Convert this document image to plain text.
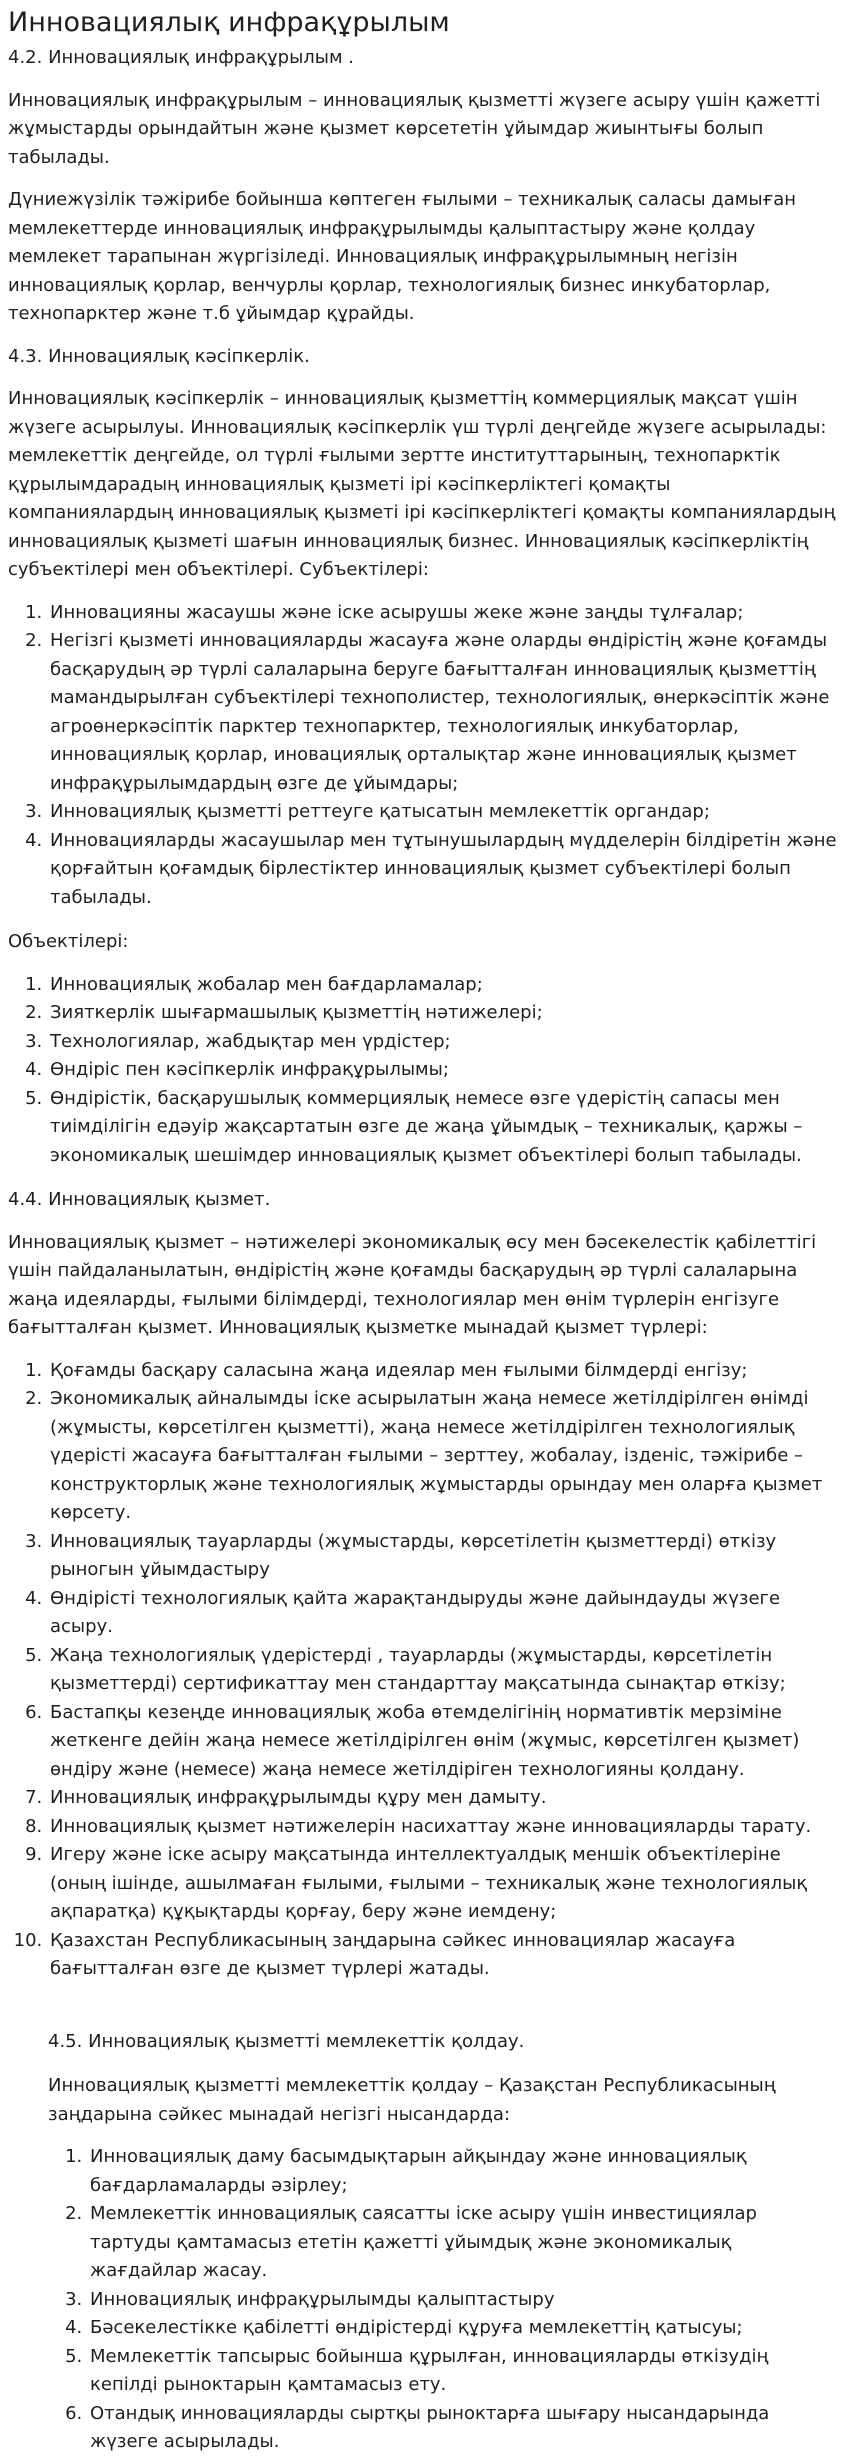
Инновациялық инфрақұрылым
4.2. Инновациялық инфрақұрылым .

Инновациялық инфрақұрылым – инновациялық қызметті жүзеге асыру үшін қажетті жұмыстарды орындайтын және қызмет көрсететін ұйымдар жиынтығы болып табылады.

Дүниежүзілік тәжірибе бойынша көптеген ғылыми – техникалық саласы дамыған мемлекеттерде инновациялық инфрақұрылымды қалыптастыру және қолдау мемлекет тарапынан жүргізіледі. Инновациялық инфрақұрылымның негізін инновациялық қорлар, венчурлы қорлар, технологиялық бизнес инкубаторлар, технопарктер және т.б ұйымдар құрайды.

4.3. Инновациялық кәсіпкерлік.

Инновациялық кәсіпкерлік – инновациялық қызметтің коммерциялық мақсат үшін жүзеге асырылуы. Инновациялық кәсіпкерлік үш түрлі деңгейде жүзеге асырылады: мемлекеттік деңгейде, ол түрлі ғылыми зертте институттарының, технопарктік құрылымдарадың инновациялық қызметі ірі кәсіпкерліктегі қомақты компаниялардың инновациялық қызметі ірі кәсіпкерліктегі қомақты компаниялардың инновациялық қызметі шағын инновациялық бизнес. Инновациялық кәсіпкерліктің субъектілері мен объектілері. Субъектілері:

1. Инновацияны жасаушы және іске асырушы жеке және заңды тұлғалар;
2. Негізгі қызметі инновацияларды жасауға және оларды өндірістің және қоғамды басқарудың әр түрлі салаларына беруге бағытталған инновациялық қызметтің мамандырылған субъектілері технополистер, технологиялық, өнеркәсіптік және агроөнеркәсіптік парктер технопарктер, технологиялық инкубаторлар, инновациялық қорлар, иновациялық орталықтар және инновациялық қызмет инфрақұрылымдардың өзге де ұйымдары;
3. Инновациялық қызметті реттеуге қатысатын мемлекеттік органдар;
4. Инновацияларды жасаушылар мен тұтынушылардың мүдделерін білдіретін және қорғайтын қоғамдық бірлестіктер инновациялық қызмет субъектілері болып табылады.

Объектілері:

1. Инновациялық жобалар мен бағдарламалар;
2. Зияткерлік шығармашылық қызметтің нәтижелері;
3. Технологиялар, жабдықтар мен үрдістер;
4. Өндіріс пен кәсіпкерлік инфрақұрылымы;
5. Өндірістік, басқарушылық коммерциялық немесе өзге үдерістің сапасы мен тиімділігін едәуір жақсартатын өзге де жаңа ұйымдық – техникалық, қаржы – экономикалық шешімдер инновациялық қызмет объектілері болып табылады.
4.4. Инновациялық қызмет.

Инновациялық қызмет – нәтижелері экономикалық өсу мен бәсекелестік қабілеттігі үшін пайдаланылатын, өндірістің және қоғамды басқарудың әр түрлі салаларына жаңа идеяларды, ғылыми білімдерді, технологиялар мен өнім түрлерін енгізуге бағытталған қызмет. Инновациялық қызметке мынадай қызмет түрлері:

1. Қоғамды басқару саласына жаңа идеялар мен ғылыми білмдерді енгізу;
2. Экономикалық айналымды іске асырылатын жаңа немесе жетілдірілген өнімді (жұмысты, көрсетілген қызметті), жаңа немесе жетілдірілген технологиялық үдерісті жасауға бағытталған ғылыми – зерттеу, жобалау, ізденіс, тәжірибе – конструкторлық және технологиялық жұмыстарды орындау мен оларға қызмет көрсету.
3. Инновациялық тауарларды (жұмыстарды, көрсетілетін қызметтерді) өткізу рыногын ұйымдастыру
4. Өндірісті технологиялық қайта жарақтандыруды және дайындауды жүзеге асыру.
5. Жаңа технологиялық үдерістерді , тауарларды (жұмыстарды, көрсетілетін қызметтерді) сертификаттау мен стандарттау мақсатында сынақтар өткізу;
6. Бастапқы кезеңде инновациялық жоба өтемделігінің нормативтік мерзіміне жеткенге дейін жаңа немесе жетілдірілген өнім (жұмыс, көрсетілген қызмет) өндіру және (немесе) жаңа немесе жетілдіріген технологияны қолдану.
7. Инновациялық инфрақұрылымды құру мен дамыту.
8. Инновациялық қызмет нәтижелерін насихаттау және инновацияларды тарату.
9. Игеру және іске асыру мақсатында интеллектуалдық меншік объектілеріне (оның ішінде, ашылмаған ғылыми, ғылыми – техникалық және технологиялық ақпаратқа) құқықтарды қорғау, беру және иемдену;
10. Қазахстан Республикасының заңдарына сәйкес инновациялар жасауға бағытталған өзге де қызмет түрлері жатады.
4.5. Инновациялық қызметті мемлекеттік қолдау.

Инновациялық қызметті мемлекеттік қолдау – Қазақстан Республикасының заңдарына сәйкес мынадай негізгі нысандарда:

1. Инновациялық даму басымдықтарын айқындау және инновациялық бағдарламаларды әзірлеу;
2. Мемлекеттік инновациялық саясатты іске асыру үшін инвестициялар тартуды қамтамасыз ететін қажетті ұйымдық және экономикалық жағдайлар жасау.
3. Инновациялық инфрақұрылымды қалыптастыру
4. Бәсекелестікке қабілетті өндірістерді құруға мемлекеттің қатысуы;
5. Мемлекеттік тапсырыс бойынша құрылған, инновацияларды өткізудің кепілді рыноктарын қамтамасыз ету.
6. Отандық инновацияларды сыртқы рыноктарға шығару нысандарында жүзеге асырылады.
